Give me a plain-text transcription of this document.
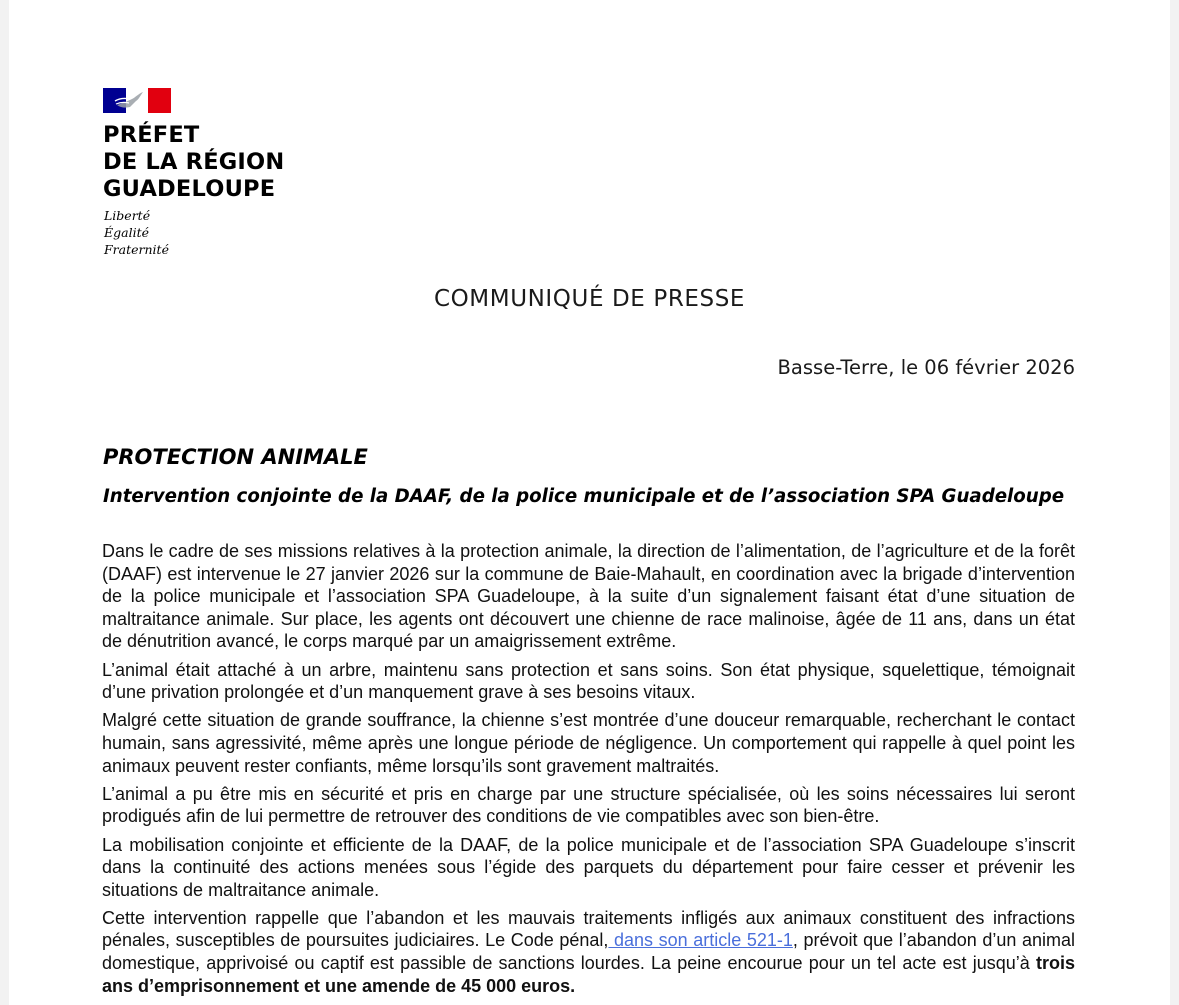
PRÉFET
DE LA RÉGION
GUADELOUPE
Liberté
Égalité
Fraternité
COMMUNIQUÉ DE PRESSE
Basse-Terre, le 06 février 2026
PROTECTION ANIMALE
Intervention conjointe de la DAAF, de la police municipale et de l’association SPA Guadeloupe

Dans le cadre de ses missions relatives à la protection animale, la direction de l’alimentation, de l’agriculture et de la forêt (DAAF) est intervenue le 27 janvier 2026 sur la commune de Baie-Mahault, en coordination avec la brigade d’intervention de la police municipale et l’association SPA Guadeloupe, à la suite d’un signalement faisant état d’une situation de maltraitance animale. Sur place, les agents ont découvert une chienne de race malinoise, âgée de 11 ans, dans un état de dénutrition avancé, le corps marqué par un amaigrissement extrême.

L’animal était attaché à un arbre, maintenu sans protection et sans soins. Son état physique, squelettique, témoignait d’une privation prolongée et d’un manquement grave à ses besoins vitaux.

Malgré cette situation de grande souffrance, la chienne s’est montrée d’une douceur remarquable, recherchant le contact humain, sans agressivité, même après une longue période de négligence. Un comportement qui rappelle à quel point les animaux peuvent rester confiants, même lorsqu’ils sont gravement maltraités.

L’animal a pu être mis en sécurité et pris en charge par une structure spécialisée, où les soins nécessaires lui seront prodigués afin de lui permettre de retrouver des conditions de vie compatibles avec son bien-être.

La mobilisation conjointe et efficiente de la DAAF, de la police municipale et de l’association SPA Guadeloupe s’inscrit dans la continuité des actions menées sous l’égide des parquets du département pour faire cesser et prévenir les situations de maltraitance animale.

Cette intervention rappelle que l’abandon et les mauvais traitements infligés aux animaux constituent des infractions pénales, susceptibles de poursuites judiciaires. Le Code pénal, dans son article 521-1, prévoit que l’abandon d’un animal domestique, apprivoisé ou captif est passible de sanctions lourdes. La peine encourue pour un tel acte est jusqu’à trois ans d’emprisonnement et une amende de 45 000 euros.
